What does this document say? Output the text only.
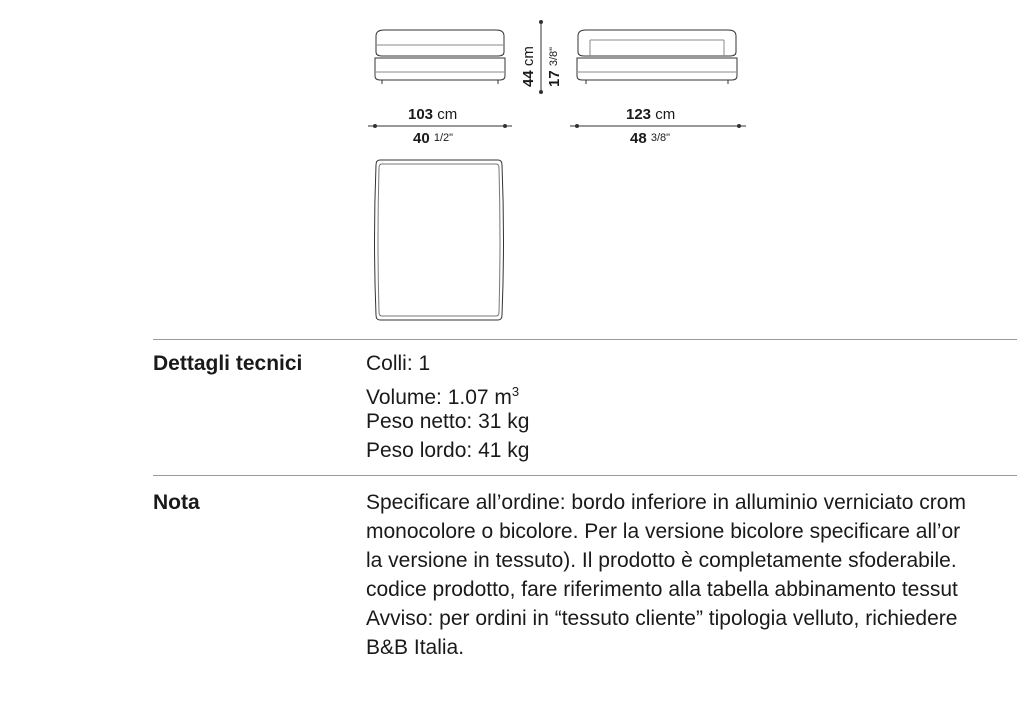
44 cm
17 3/8"
103 cm
40 1/2"
123 cm
48 3/8"
Dettagli tecnici	Colli: 1
Volume: 1.07 $m^3$
Peso netto: 31 kg
Peso lordo: 41 kg
Nota	Specificare all’ordine: bordo inferiore in alluminio verniciato crom
monocolore o bicolore. Per la versione bicolore specificare all’or
la versione in tessuto). Il prodotto è completamente sfoderabile.
codice prodotto, fare riferimento alla tabella abbinamento tessut
Avviso: per ordini in “tessuto cliente” tipologia velluto, richiedere
B&B Italia.
